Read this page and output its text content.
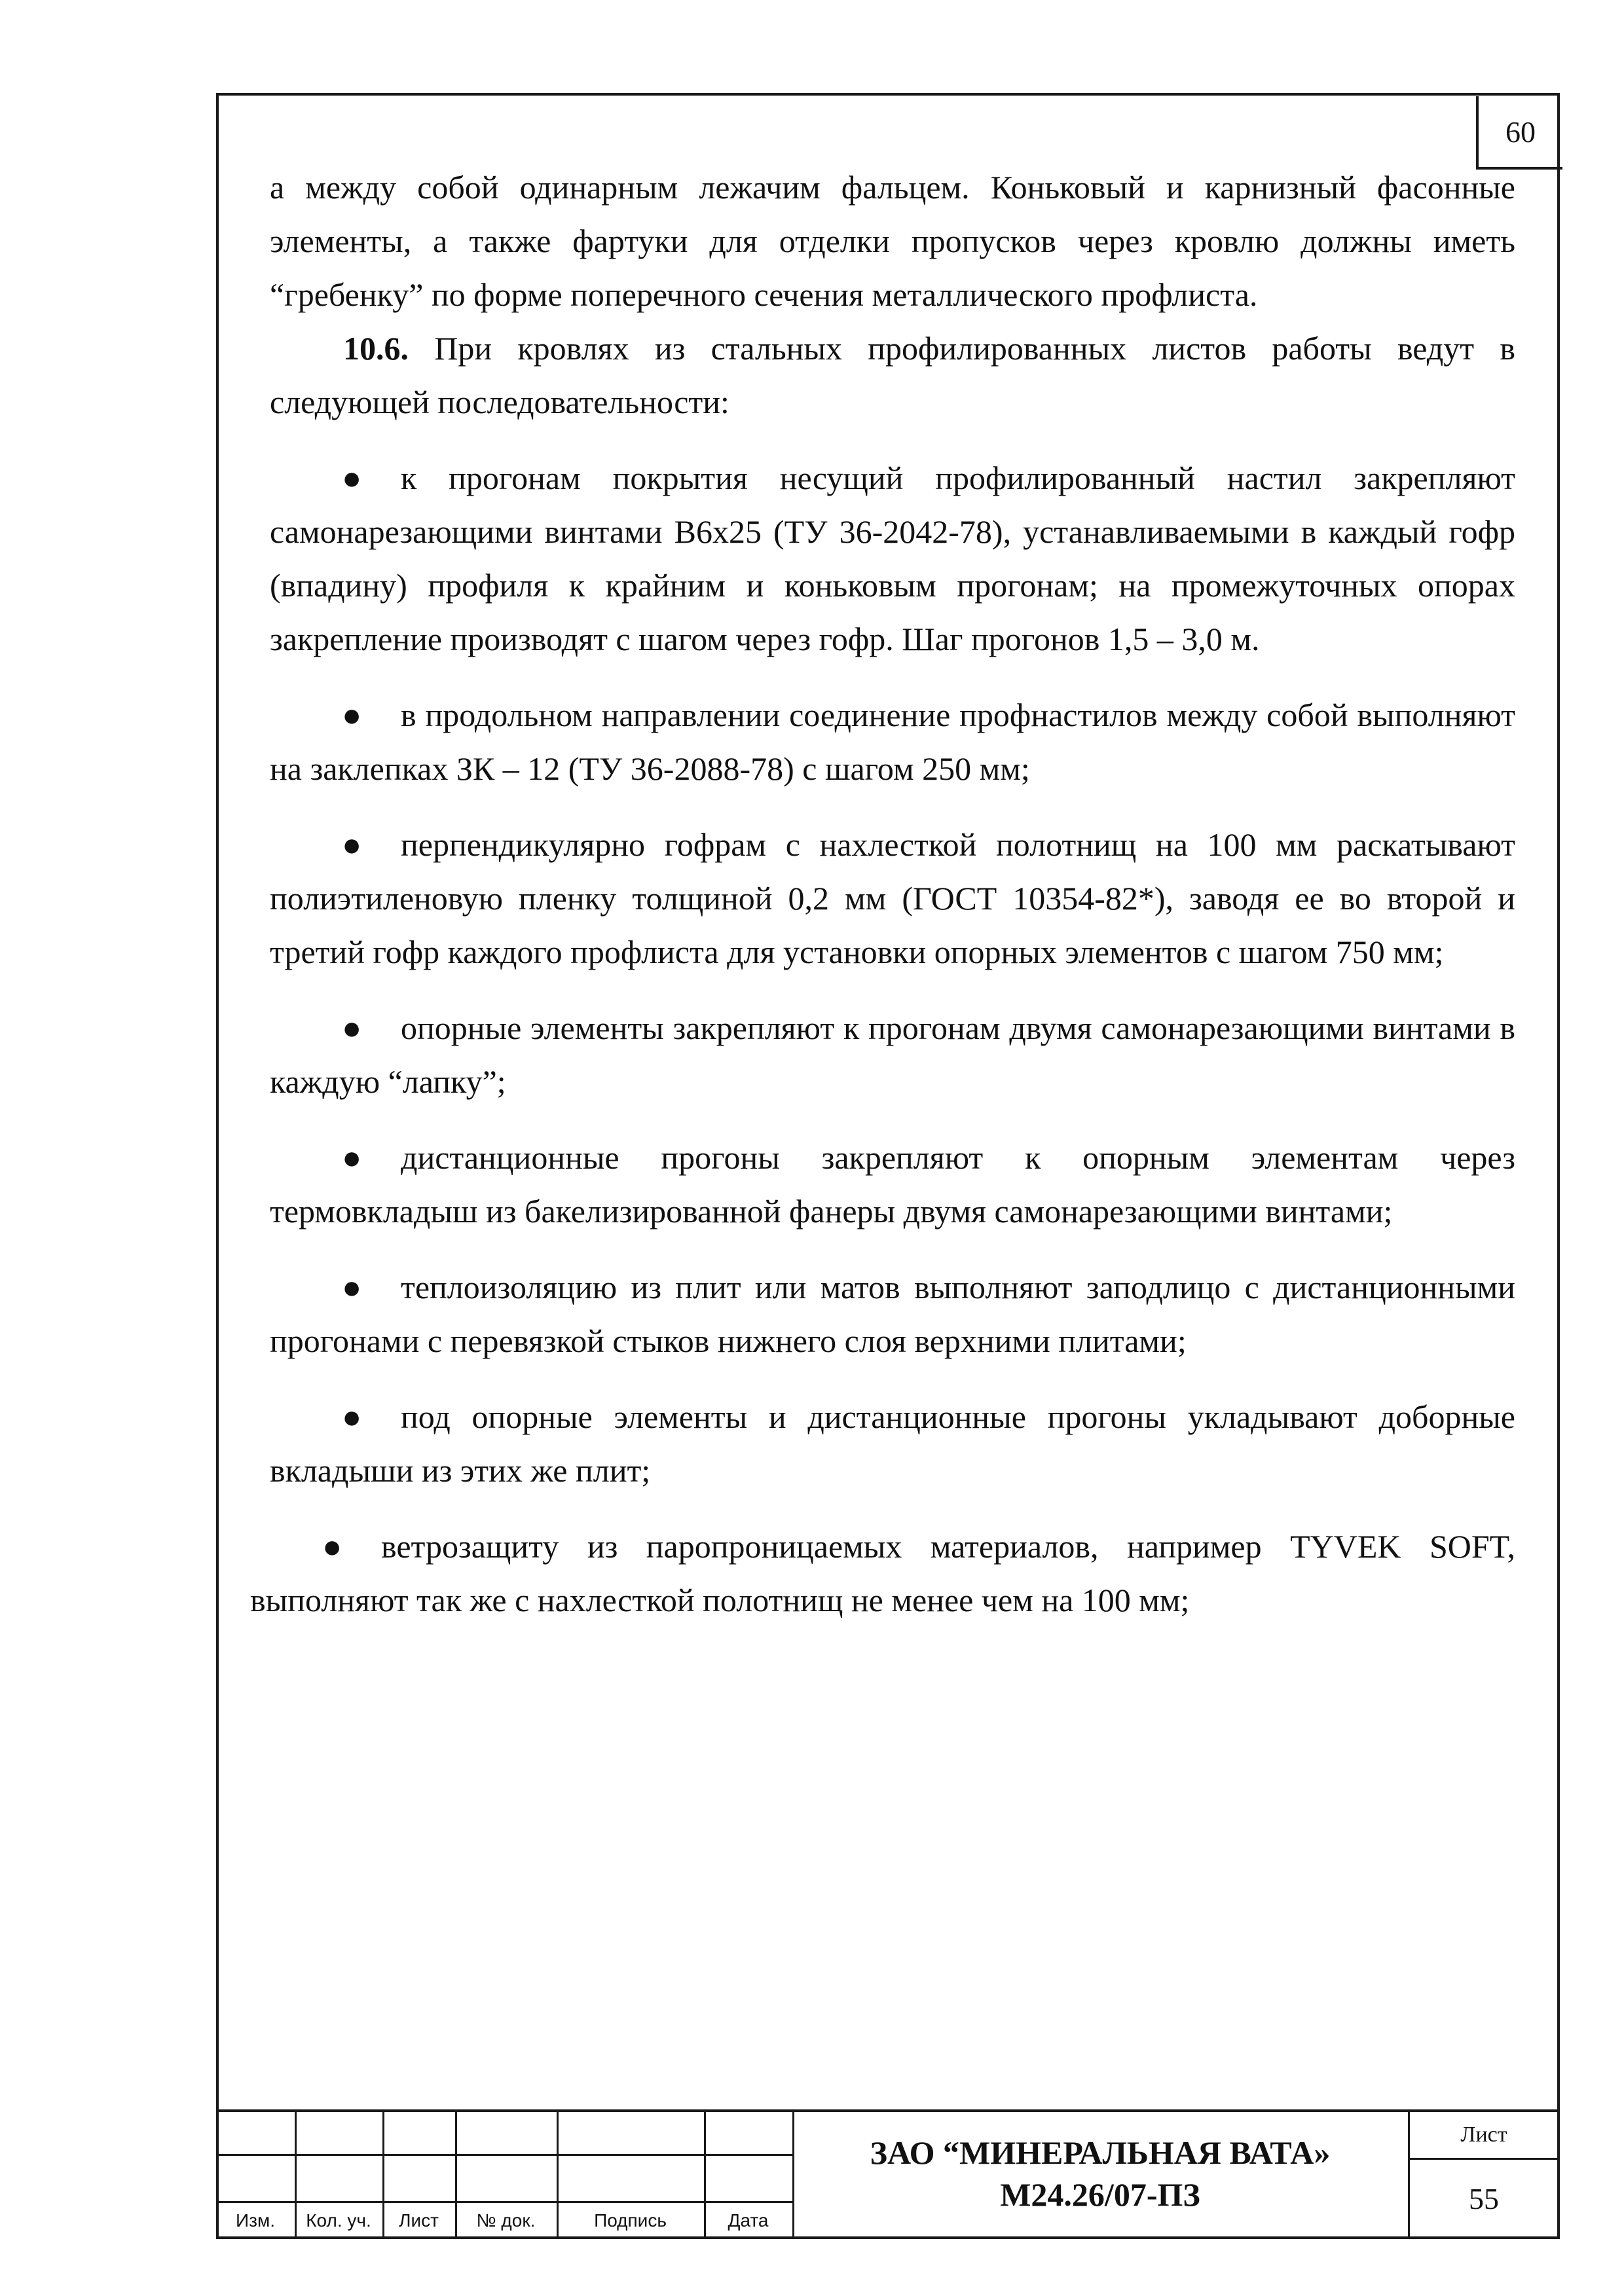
60

а между собой одинарным лежачим фальцем. Коньковый и карнизный фасонные элементы, а также фартуки для отделки пропусков через кровлю должны иметь “гребенку” по форме поперечного сечения металлического профлиста.

10.6. При кровлях из стальных профилированных листов работы ведут в следующей последовательности:

● к прогонам покрытия несущий профилированный настил закрепляют самонарезающими винтами В6х25 (ТУ 36-2042-78), устанавливаемыми в каждый гофр (впадину) профиля к крайним и коньковым прогонам; на промежуточных опорах закрепление производят с шагом через гофр. Шаг прогонов 1,5 – 3,0 м.

● в продольном направлении соединение профнастилов между собой выполняют на заклепках ЗК – 12 (ТУ 36-2088-78) с шагом 250 мм;

● перпендикулярно гофрам с нахлесткой полотнищ на 100 мм раскатывают полиэтиленовую пленку толщиной 0,2 мм (ГОСТ 10354-82*), заводя ее во второй и третий гофр каждого профлиста для установки опорных элементов с шагом 750 мм;

● опорные элементы закрепляют к прогонам двумя самонарезающими винтами в каждую “лапку”;

● дистанционные прогоны закрепляют к опорным элементам через термовкладыш из бакелизированной фанеры двумя самонарезающими винтами;

● теплоизоляцию из плит или матов выполняют заподлицо с дистанционными прогонами с перевязкой стыков нижнего слоя верхними плитами;

● под опорные элементы и дистанционные прогоны укладывают доборные вкладыши из этих же плит;

● ветрозащиту из паропроницаемых материалов, например TYVEK SOFT, выполняют так же с нахлесткой полотнищ не менее чем на 100 мм;

Изм.	Кол. уч.	Лист	№ док.	Подпись	Дата
ЗАО “МИНЕРАЛЬНАЯ ВАТА»
М24.26/07-ПЗ
Лист
55
